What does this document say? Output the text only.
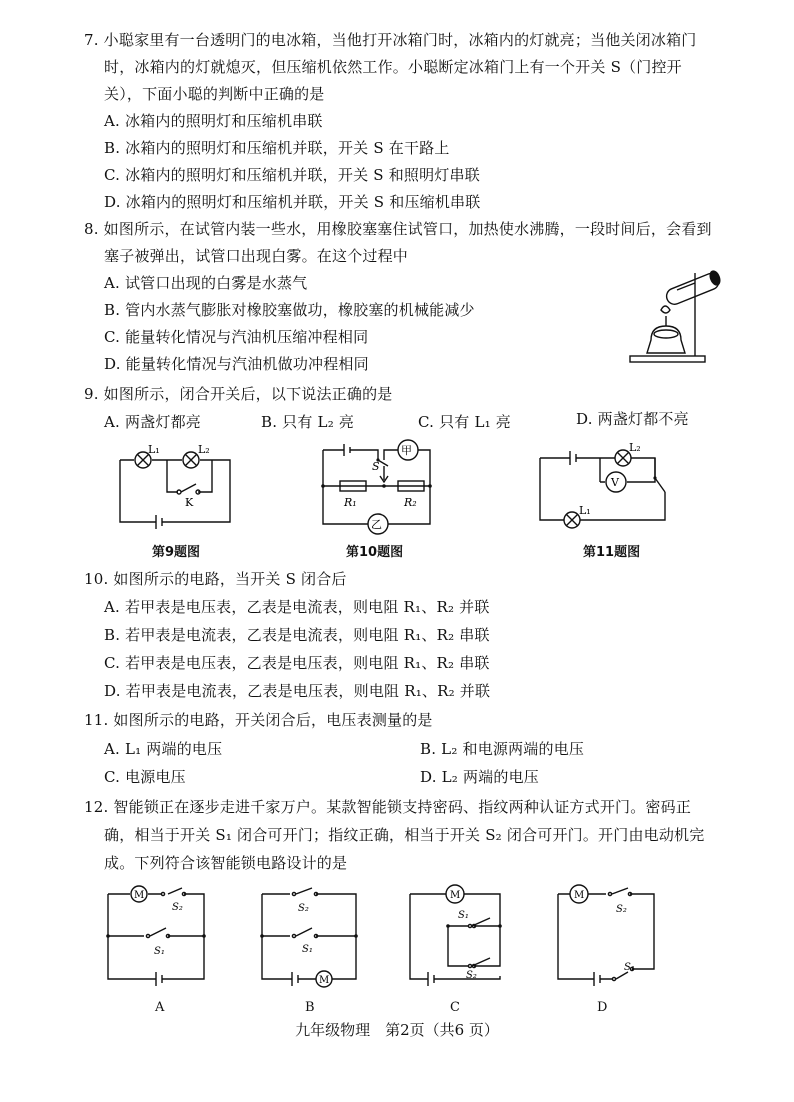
7. 小聪家里有一台透明门的电冰箱，当他打开冰箱门时，冰箱内的灯就亮；当他关闭冰箱门
时，冰箱内的灯就熄灭，但压缩机依然工作。小聪断定冰箱门上有一个开关 S（门控开
关），下面小聪的判断中正确的是
A. 冰箱内的照明灯和压缩机串联
B. 冰箱内的照明灯和压缩机并联，开关 S 在干路上
C. 冰箱内的照明灯和压缩机并联，开关 S 和照明灯串联
D. 冰箱内的照明灯和压缩机并联，开关 S 和压缩机串联
8. 如图所示，在试管内装一些水，用橡胶塞塞住试管口，加热使水沸腾，一段时间后，会看到
塞子被弹出，试管口出现白雾。在这个过程中
A. 试管口出现的白雾是水蒸气
B. 管内水蒸气膨胀对橡胶塞做功，橡胶塞的机械能减少
C. 能量转化情况与汽油机压缩冲程相同
D. 能量转化情况与汽油机做功冲程相同
9. 如图所示，闭合开关后，以下说法正确的是
A. 两盏灯都亮	B. 只有 L₂ 亮	C. 只有 L₁ 亮	D. 两盏灯都不亮
L₁	L₂
K
第9题图
甲
乙
S
R₁	R₂
第10题图
V
L₂
L₁
第11题图
10. 如图所示的电路，当开关 S 闭合后
A. 若甲表是电压表，乙表是电流表，则电阻 R₁、R₂ 并联
B. 若甲表是电流表，乙表是电流表，则电阻 R₁、R₂ 串联
C. 若甲表是电压表，乙表是电压表，则电阻 R₁、R₂ 串联
D. 若甲表是电流表，乙表是电压表，则电阻 R₁、R₂ 并联
11. 如图所示的电路，开关闭合后，电压表测量的是
A. L₁ 两端的电压	B. L₂ 和电源两端的电压
C. 电源电压	D. L₂ 两端的电压
12. 智能锁正在逐步走进千家万户。某款智能锁支持密码、指纹两种认证方式开门。密码正
确，相当于开关 S₁ 闭合可开门；指纹正确，相当于开关 S₂ 闭合可开门。开门由电动机完
成。下列符合该智能锁电路设计的是
M
S₂
S₁
A
M
S₂
S₁
B
M
S₁
S₂
C
M
S₂
S₁
D
九年级物理　第2页（共6 页）
